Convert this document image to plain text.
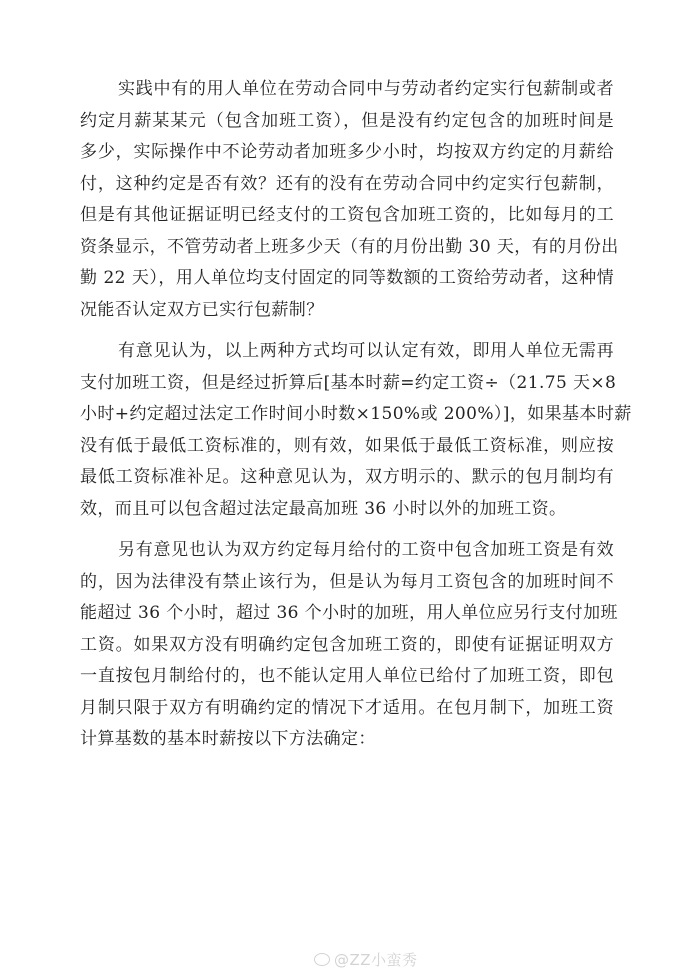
实践中有的用人单位在劳动合同中与劳动者约定实行包薪制或者
约定月薪某某元（包含加班工资），但是没有约定包含的加班时间是
多少，实际操作中不论劳动者加班多少小时，均按双方约定的月薪给
付，这种约定是否有效？还有的没有在劳动合同中约定实行包薪制，
但是有其他证据证明已经支付的工资包含加班工资的，比如每月的工
资条显示，不管劳动者上班多少天（有的月份出勤 30 天，有的月份出
勤 22 天），用人单位均支付固定的同等数额的工资给劳动者，这种情
况能否认定双方已实行包薪制？

有意见认为，以上两种方式均可以认定有效，即用人单位无需再
支付加班工资，但是经过折算后[基本时薪=约定工资÷（21.75 天×8
小时+约定超过法定工作时间小时数×150%或 200%）]，如果基本时薪
没有低于最低工资标准的，则有效，如果低于最低工资标准，则应按
最低工资标准补足。这种意见认为，双方明示的、默示的包月制均有
效，而且可以包含超过法定最高加班 36 小时以外的加班工资。

另有意见也认为双方约定每月给付的工资中包含加班工资是有效
的，因为法律没有禁止该行为，但是认为每月工资包含的加班时间不
能超过 36 个小时，超过 36 个小时的加班，用人单位应另行支付加班
工资。如果双方没有明确约定包含加班工资的，即使有证据证明双方
一直按包月制给付的，也不能认定用人单位已给付了加班工资，即包
月制只限于双方有明确约定的情况下才适用。在包月制下，加班工资
计算基数的基本时薪按以下方法确定：

@ZZ小蛮秀
